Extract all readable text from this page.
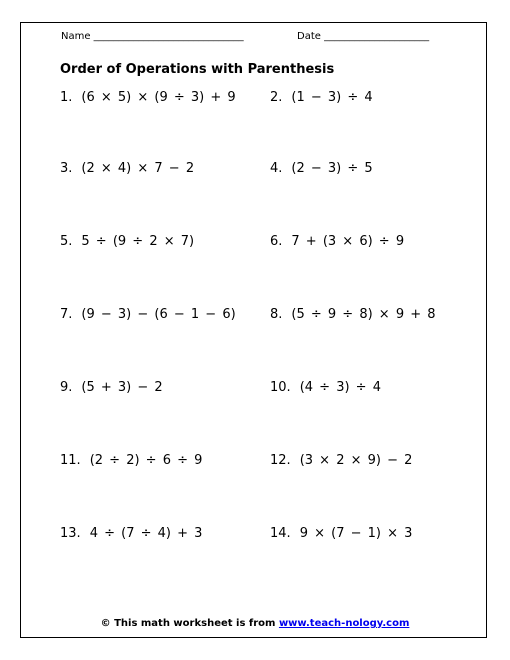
Name ______________________________	Date _____________________
Order of Operations with Parenthesis
1. (6 × 5) × (9 ÷ 3) + 9	2. (1 − 3) ÷ 4
3. (2 × 4) × 7 − 2	4. (2 − 3) ÷ 5
5. 5 ÷ (9 ÷ 2 × 7)	6. 7 + (3 × 6) ÷ 9
7. (9 − 3) − (6 − 1 − 6)	8. (5 ÷ 9 ÷ 8) × 9 + 8
9. (5 + 3) − 2	10. (4 ÷ 3) ÷ 4
11. (2 ÷ 2) ÷ 6 ÷ 9	12. (3 × 2 × 9) − 2
13. 4 ÷ (7 ÷ 4) + 3	14. 9 × (7 − 1) × 3
© This math worksheet is from www.teach-nology.com
